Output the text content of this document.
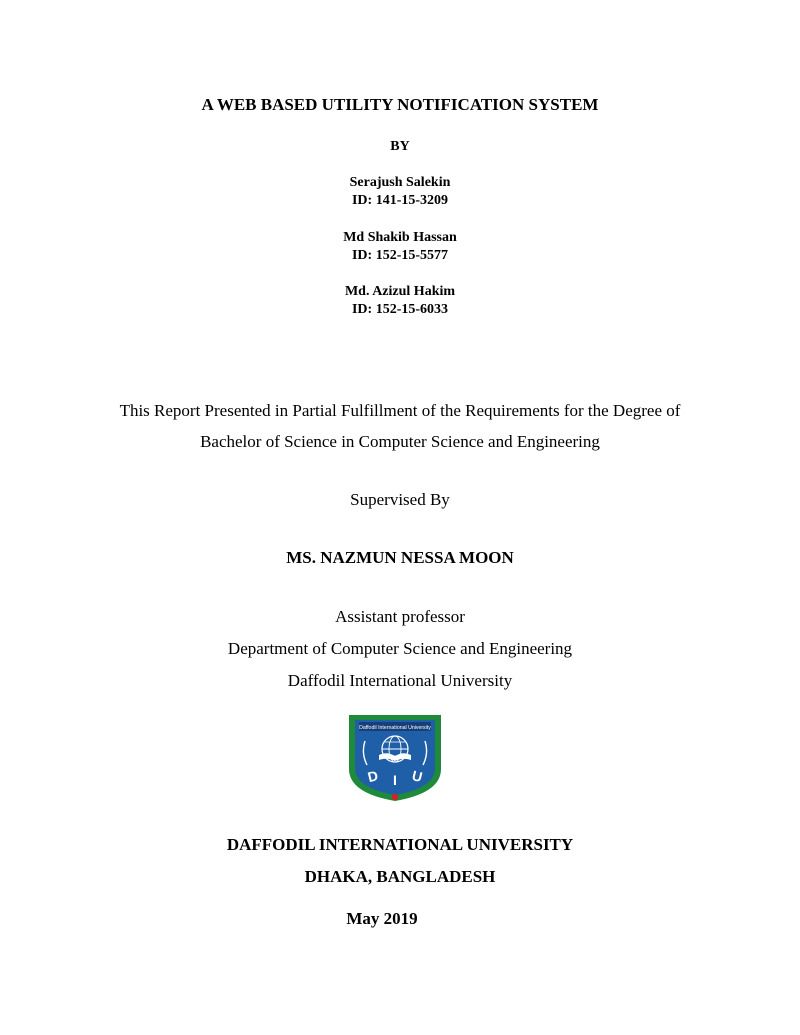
A WEB BASED UTILITY NOTIFICATION SYSTEM
BY
Serajush Salekin
ID: 141-15-3209
Md Shakib Hassan
ID: 152-15-5577
Md. Azizul Hakim
ID: 152-15-6033
This Report Presented in Partial Fulfillment of the Requirements for the Degree of
Bachelor of Science in Computer Science and Engineering
Supervised By
MS. NAZMUN NESSA MOON
Assistant professor
Department of Computer Science and Engineering
Daffodil International University
Daffodil International University
D I U
DAFFODIL INTERNATIONAL UNIVERSITY
DHAKA, BANGLADESH
May 2019
